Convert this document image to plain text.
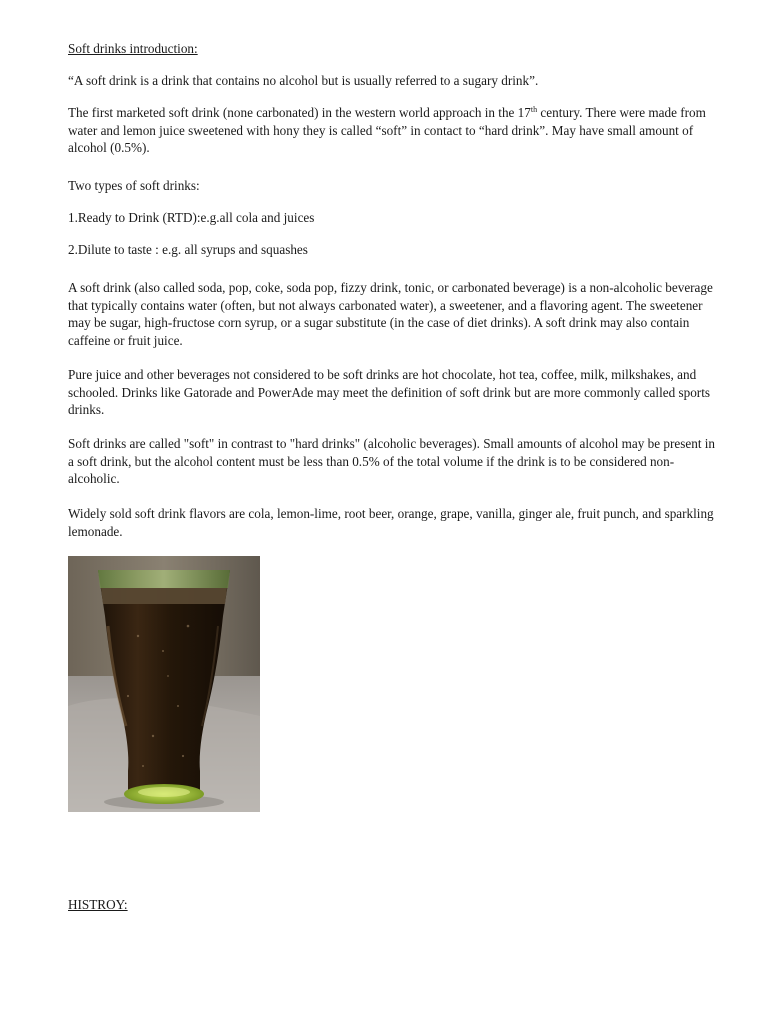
Soft drinks introduction:

“A soft drink is a drink that contains no alcohol but is usually referred to a sugary drink”.

The first marketed soft drink (none carbonated) in the western world approach in the 17th century. There were made from water and lemon juice sweetened with hony they is called “soft” in contact to “hard drink”. May have small amount of alcohol (0.5%).

Two types of soft drinks:

1.Ready to Drink (RTD):e.g.all cola and juices

2.Dilute to taste : e.g. all syrups and squashes

A soft drink (also called soda, pop, coke, soda pop, fizzy drink, tonic, or carbonated beverage) is a non-alcoholic beverage that typically contains water (often, but not always carbonated water), a sweetener, and a flavoring agent. The sweetener may be sugar, high-fructose corn syrup, or a sugar substitute (in the case of diet drinks). A soft drink may also contain caffeine or fruit juice.

Pure juice and other beverages not considered to be soft drinks are hot chocolate, hot tea, coffee, milk, milkshakes, and schooled. Drinks like Gatorade and PowerAde may meet the definition of soft drink but are more commonly called sports drinks.

Soft drinks are called "soft" in contrast to "hard drinks" (alcoholic beverages). Small amounts of alcohol may be present in a soft drink, but the alcohol content must be less than 0.5% of the total volume if the drink is to be considered non-alcoholic.

Widely sold soft drink flavors are cola, lemon-lime, root beer, orange, grape, vanilla, ginger ale, fruit punch, and sparkling lemonade.

HISTROY:
